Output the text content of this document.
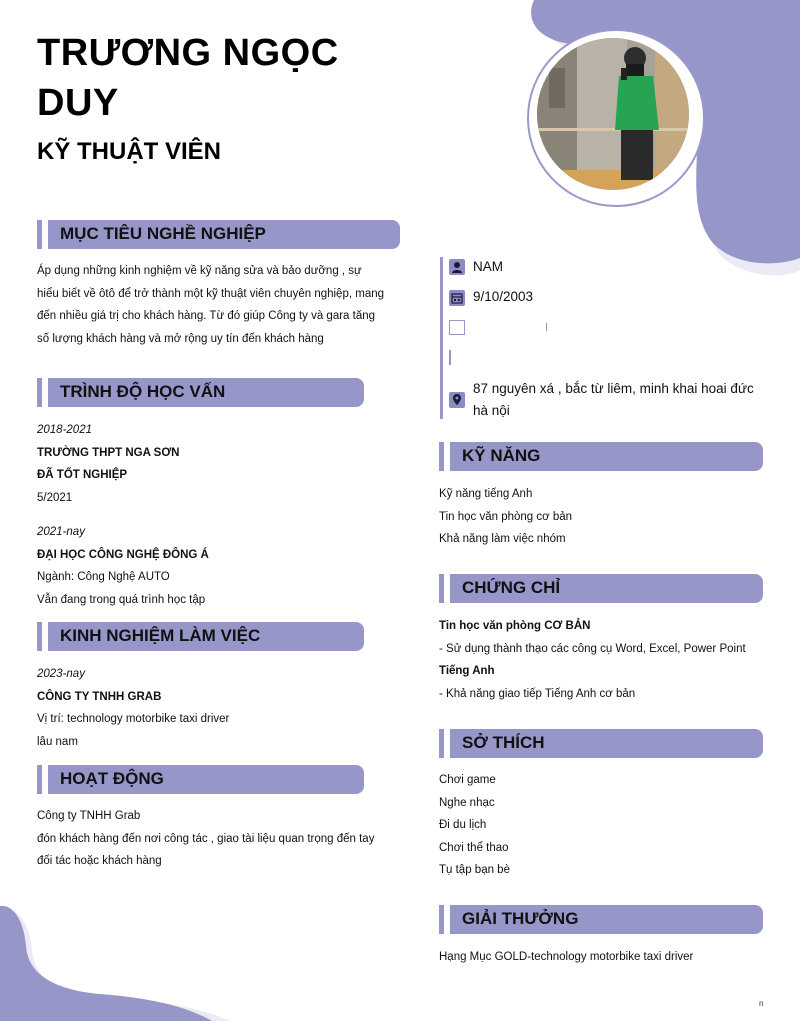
TRƯƠNG NGỌC
DUY
KỸ THUẬT VIÊN
MỤC TIÊU NGHỀ NGHIỆP
Áp dụng những kinh nghiệm về kỹ năng sửa và bảo dưỡng , sự
hiểu biết về ôtô để trở thành một kỹ thuật viên chuyên nghiệp, mang
đến nhiều giá trị cho khách hàng. Từ đó giúp Công ty và gara tăng
số lượng khách hàng và mở rộng uy tín đến khách hàng
TRÌNH ĐỘ HỌC VẤN
2018-2021
TRƯỜNG THPT NGA SƠN
ĐÃ TỐT NGHIỆP
5/2021
2021-nay
ĐẠI HỌC CÔNG NGHỆ ĐÔNG Á
Ngành: Công Nghệ AUTO
Vẫn đang trong quá trình học tập
KINH NGHIỆM LÀM VIỆC
2023-nay
CÔNG TY TNHH GRAB
Vị trí: technology motorbike taxi driver
lâu nam
HOẠT ĐỘNG
Công ty TNHH Grab
đón khách hàng đến nơi công tác , giao tài liệu quan trọng đến tay
đối tác hoặc khách hàng
NAM
9/10/2003
87 nguyên xá , bắc từ liêm, minh khai hoai đức
hà nội
KỸ NĂNG
Kỹ năng tiếng Anh
Tin học văn phòng cơ bản
Khả năng làm việc nhóm
CHỨNG CHỈ
Tin học văn phòng CƠ BẢN
- Sử dụng thành thạo các công cụ Word, Excel, Power Point
Tiếng Anh
- Khả năng giao tiếp Tiếng Anh cơ bản
SỞ THÍCH
Chơi game
Nghe nhạc
Đi du lịch
Chơi thể thao
Tụ tập bạn bè
GIẢI THƯỞNG
Hạng Mục GOLD-technology motorbike taxi driver
n
